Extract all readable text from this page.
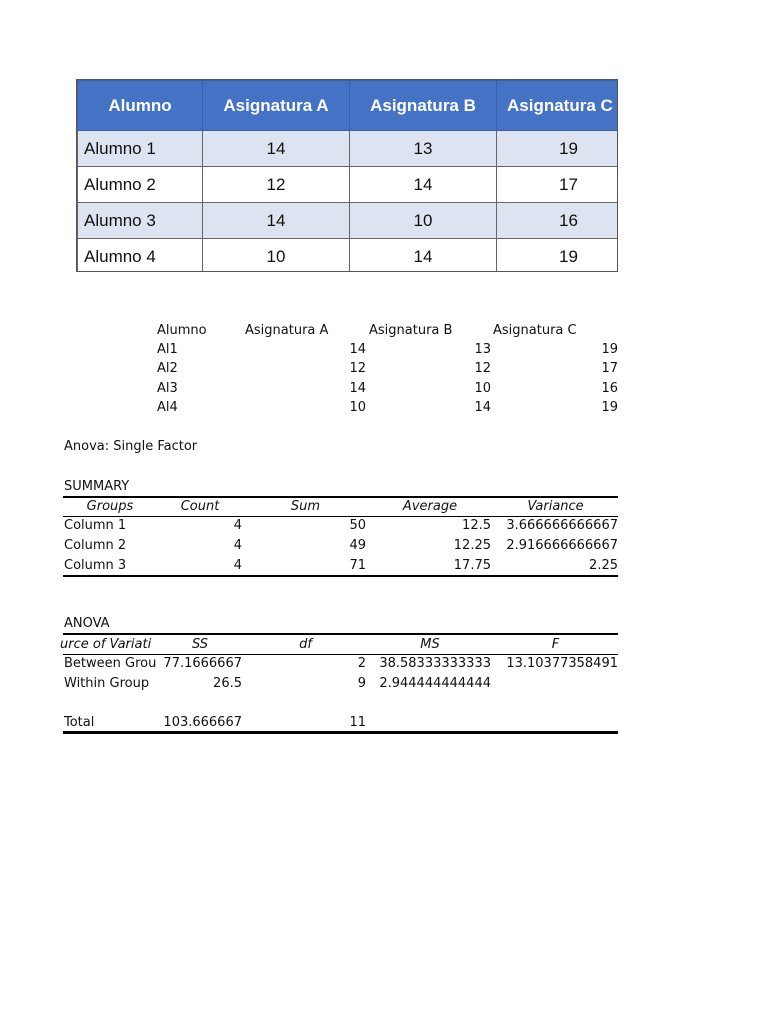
Alumno	Asignatura A	Asignatura B	Asignatura C
Alumno 1	14	13	19
Alumno 2	12	14	17
Alumno 3	14	10	16
Alumno 4	10	14	19
Alumno	Asignatura A	Asignatura B	Asignatura C
Al1	14	13	19
Al2	12	12	17
Al3	14	10	16
Al4	10	14	19
Anova: Single Factor
SUMMARY
Groups	Count	Sum	Average	Variance
Column 1	4	50	12.5	3.666666666667
Column 2	4	49	12.25	2.916666666667
Column 3	4	71	17.75	2.25
ANOVA
urce of Variati	SS	df	MS	F
Between Grou 77.1666667	2	38.58333333333	13.10377358491
Within Group	26.5	9	2.944444444444
Total	103.666667	11
